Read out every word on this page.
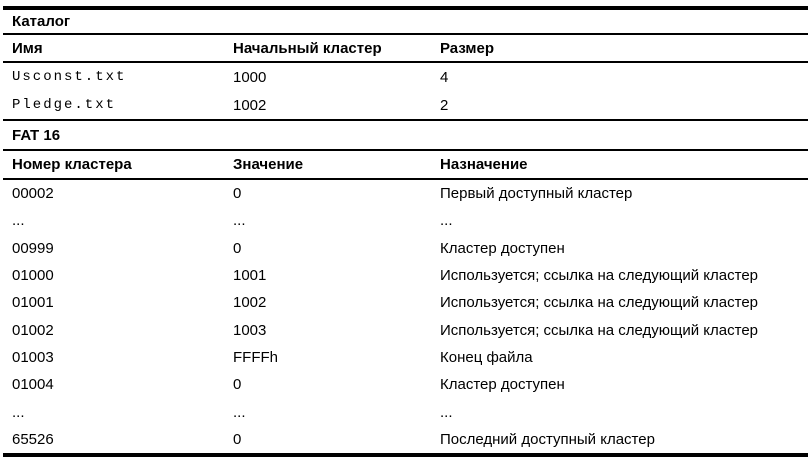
Каталог
Имя	Начальный кластер	Размер
Usconst.txt	1000	4
Pledge.txt	1002	2
FAT 16
Номер кластера	Значение	Назначение
00002	0	Первый доступный кластер
...	...	...
00999	0	Кластер доступен
01000	1001	Используется; ссылка на следующий кластер
01001	1002	Используется; ссылка на следующий кластер
01002	1003	Используется; ссылка на следующий кластер
01003	FFFFh	Конец файла
01004	0	Кластер доступен
...	...	...
65526	0	Последний доступный кластер
